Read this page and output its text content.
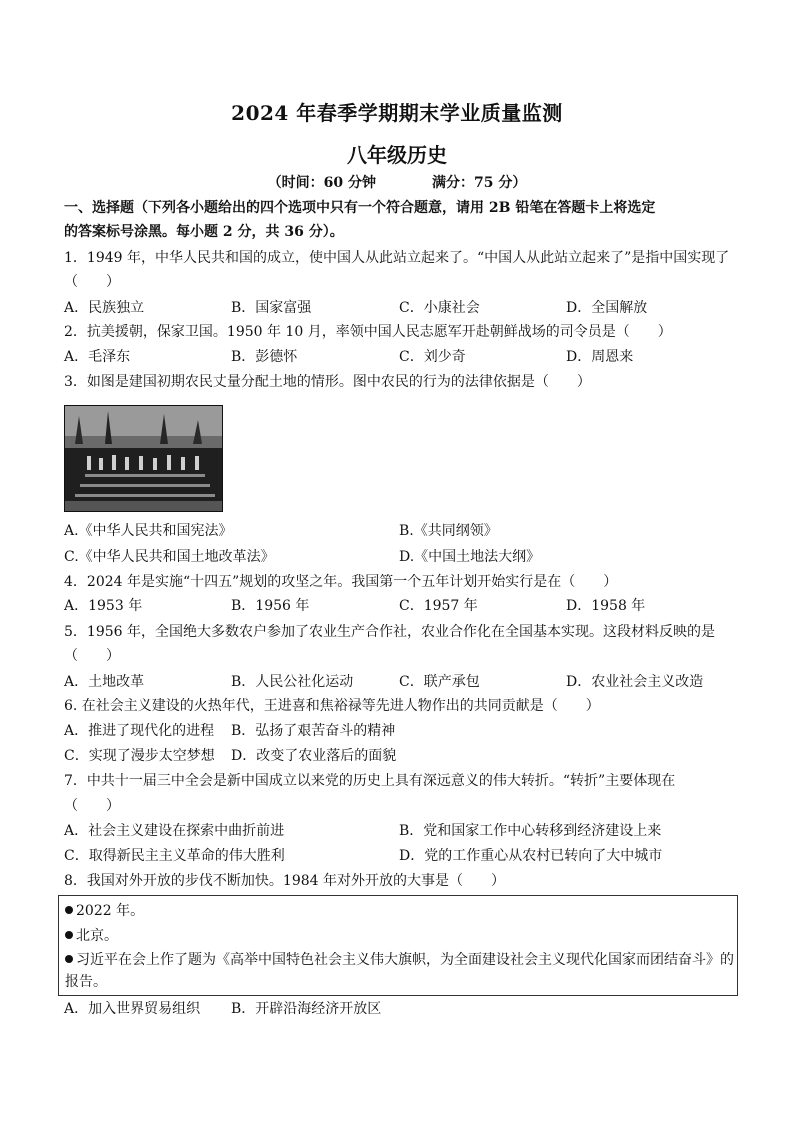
2024 年春季学期期末学业质量监测
八年级历史
（时间：60 分钟	满分：75 分）
一、选择题（下列各小题给出的四个选项中只有一个符合题意，请用 2B 铅笔在答题卡上将选定
的答案标号涂黑。每小题 2 分，共 36 分）。
1．1949 年，中华人民共和国的成立，使中国人从此站立起来了。“中国人从此站立起来了”是指中国实现了
（　　）
A．民族独立	B．国家富强	C．小康社会	D．全国解放
2．抗美援朝，保家卫国。1950 年 10 月，率领中国人民志愿军开赴朝鲜战场的司令员是（　　）
A．毛泽东	B．彭德怀	C．刘少奇	D．周恩来
3．如图是建国初期农民丈量分配土地的情形。图中农民的行为的法律依据是（　　）
A.《中华人民共和国宪法》	B.《共同纲领》
C.《中华人民共和国土地改革法》	D.《中国土地法大纲》
4．2024 年是实施“十四五”规划的攻坚之年。我国第一个五年计划开始实行是在（　　）
A．1953 年	B．1956 年	C．1957 年	D．1958 年
5．1956 年，全国绝大多数农户参加了农业生产合作社，农业合作化在全国基本实现。这段材料反映的是
（　　）
A．土地改革	B．人民公社化运动	C．联产承包	D．农业社会主义改造
6. 在社会主义建设的火热年代，王进喜和焦裕禄等先进人物作出的共同贡献是（　　）
A．推进了现代化的进程 B．弘扬了艰苦奋斗的精神
C．实现了漫步太空梦想 D．改变了农业落后的面貌
7．中共十一届三中全会是新中国成立以来党的历史上具有深远意义的伟大转折。“转折”主要体现在
（　　）
A．社会主义建设在探索中曲折前进	B．党和国家工作中心转移到经济建设上来
C．取得新民主主义革命的伟大胜利	D．党的工作重心从农村已转向了大中城市
8．我国对外开放的步伐不断加快。1984 年对外开放的大事是（　　）
2022 年。
北京。
习近平在会上作了题为《高举中国特色社会主义伟大旗帜，为全面建设社会主义现代化国家而团结奋斗》的
报告。
A．加入世界贸易组织 B．开辟沿海经济开放区
